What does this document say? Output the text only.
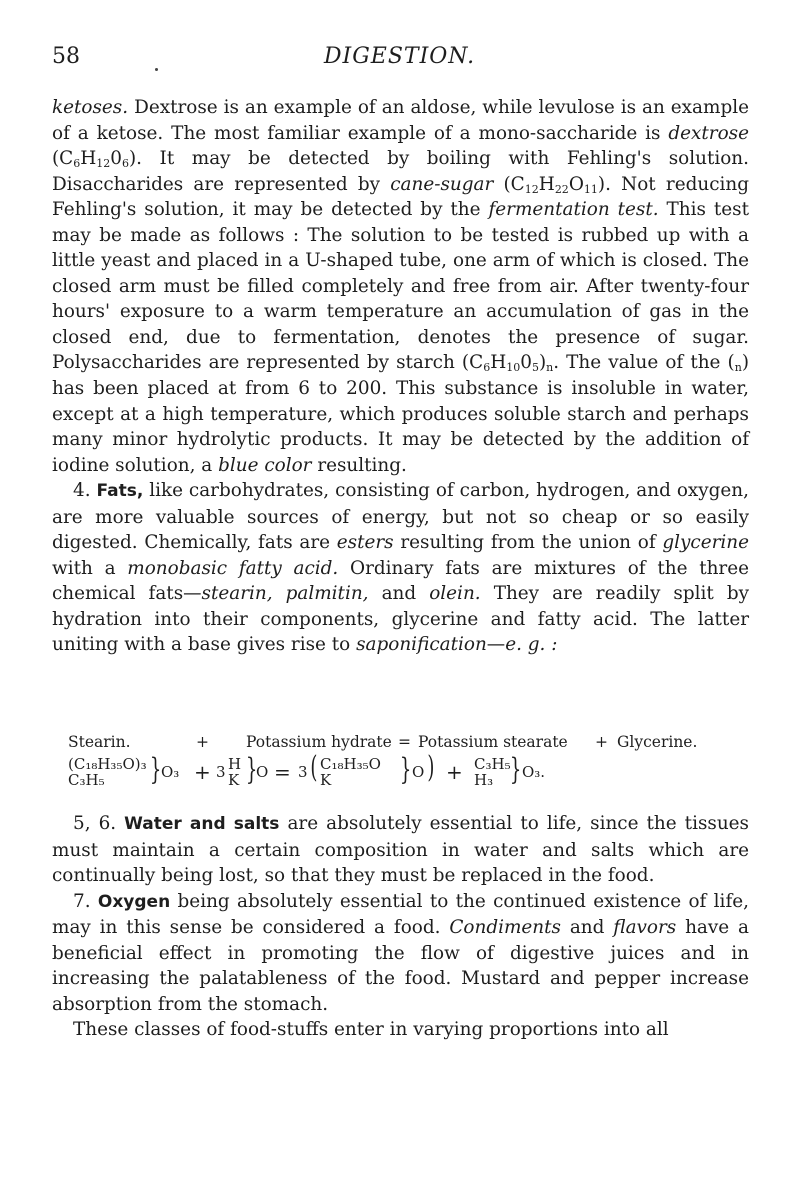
58	DIGESTION.

ketoses. Dextrose is an example of an aldose, while levulose is an example of a ketose. The most familiar example of a mono-saccharide is dextrose $(C_6H_{12}0_6)$. It may be detected by boiling with Fehling's solution. Disaccharides are represented by cane-sugar $(C_{12}H_{22}O_{11})$. Not reducing Fehling's solution, it may be detected by the fermentation test. This test may be made as follows : The solution to be tested is rubbed up with a little yeast and placed in a U-shaped tube, one arm of which is closed. The closed arm must be filled completely and free from air. After twenty-four hours' exposure to a warm temperature an accumulation of gas in the closed end, due to fermentation, denotes the presence of sugar. Polysaccharides are represented by starch $(C_6H_{10}0_5)_n$. The value of the $(_n)$ has been placed at from 6 to 200. This substance is insoluble in water, except at a high temperature, which produces soluble starch and perhaps many minor hydrolytic products. It may be detected by the addition of iodine solution, a blue color resulting.

4. Fats, like carbohydrates, consisting of carbon, hydrogen, and oxygen, are more valuable sources of energy, but not so cheap or so easily digested. Chemically, fats are esters resulting from the union of glycerine with a monobasic fatty acid. Ordinary fats are mixtures of the three chemical fats—stearin, palmitin, and olein. They are readily split by hydration into their components, glycerine and fatty acid. The latter uniting with a base gives rise to saponification—e. g. :

Stearin.	+ Potassium hydrate = Potassium stearate + Glycerine.
(C₁₈H₃₅O)₃
C₃H₅ } O₃ + 3 H
K }
O = 3 ( C₁₈H₃₅O
K } O ) + C₃H₅
H₃ } O₃.

5, 6. Water and salts are absolutely essential to life, since the tissues must maintain a certain composition in water and salts which are continually being lost, so that they must be replaced in the food.

7. Oxygen being absolutely essential to the continued existence of life, may in this sense be considered a food. Condiments and flavors have a beneficial effect in promoting the flow of digestive juices and in increasing the palatableness of the food. Mustard and pepper increase absorption from the stomach.

These classes of food-stuffs enter in varying proportions into all
